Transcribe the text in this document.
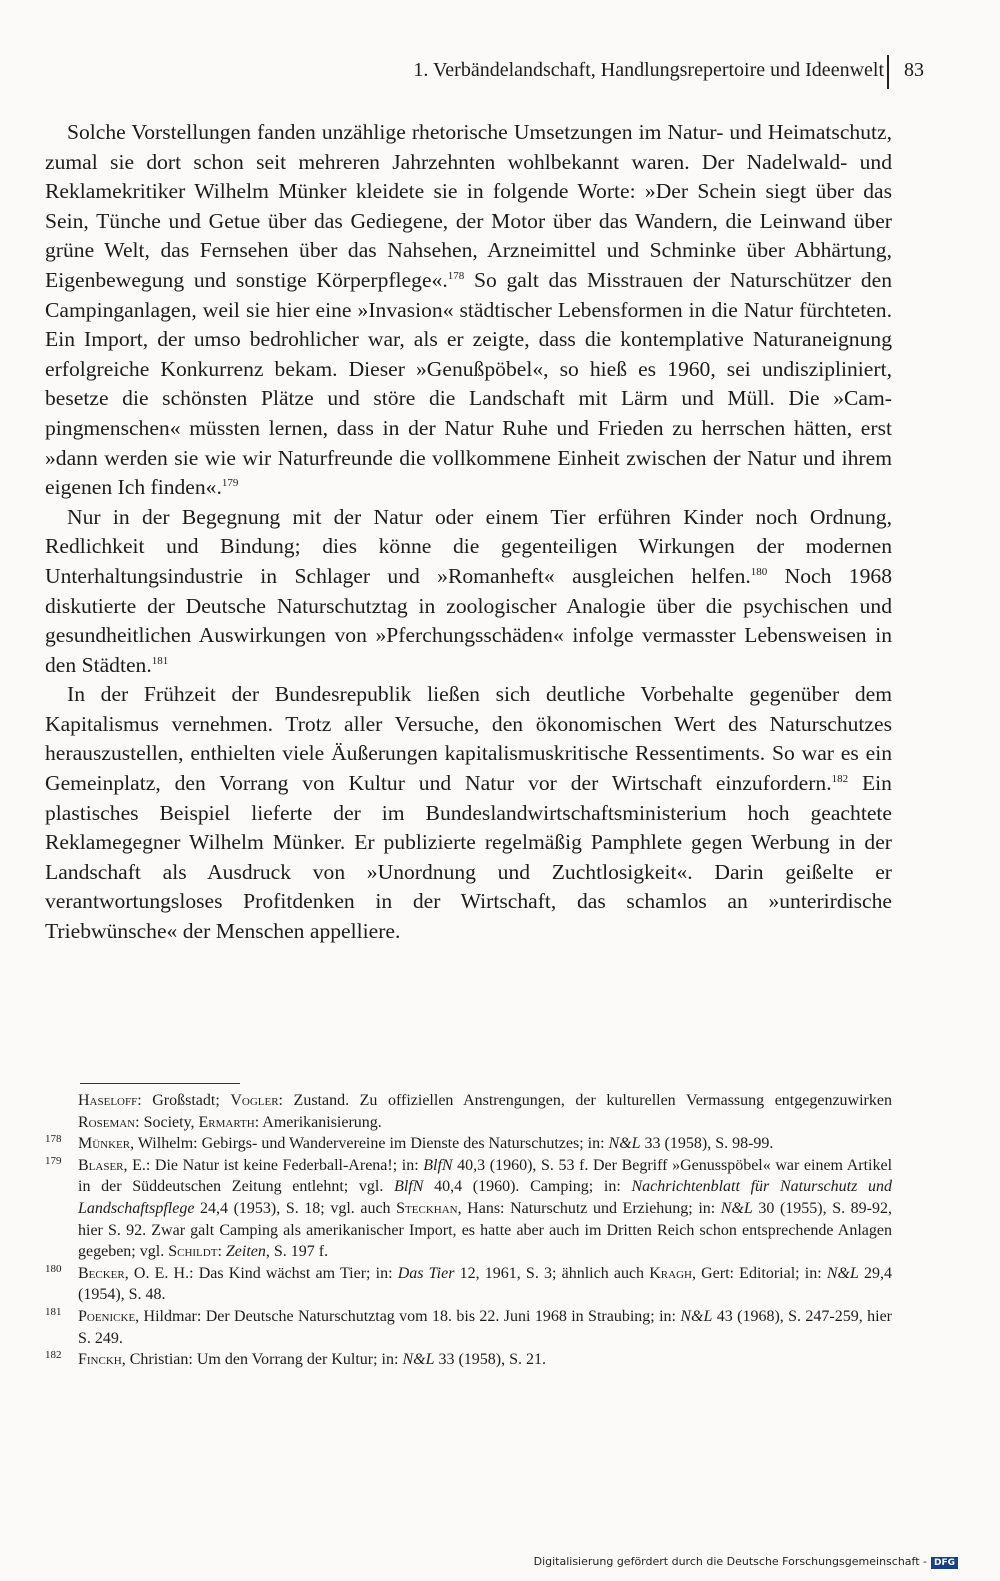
1. Verbändelandschaft, Handlungsrepertoire und Ideenwelt 83

Solche Vorstellungen fanden unzählige rhetorische Umsetzungen im Natur- und Heimatschutz, zumal sie dort schon seit mehreren Jahrzehnten wohlbekannt waren. Der Nadelwald- und Reklamekritiker Wilhelm Münker kleidete sie in folgende Worte: »Der Schein siegt über das Sein, Tünche und Getue über das Gediegene, der Motor über das Wandern, die Leinwand über grüne Welt, das Fernsehen über das Nahsehen, Arzneimittel und Schminke über Abhärtung, Eigenbewegung und sonstige Körperpflege«.$^{178}$ So galt das Misstrauen der Naturschützer den Campinganlagen, weil sie hier eine »Invasion« städtischer Lebensformen in die Natur fürchteten. Ein Import, der umso bedrohlicher war, als er zeigte, dass die kontemplative Naturaneignung erfolgreiche Konkurrenz bekam. Dieser »Genußpöbel«, so hieß es 1960, sei undiszipliniert, besetze die schönsten Plätze und störe die Landschaft mit Lärm und Müll. Die »Campingmenschen« müssten lernen, dass in der Natur Ruhe und Frieden zu herrschen hätten, erst »dann werden sie wie wir Naturfreunde die vollkommene Einheit zwischen der Natur und ihrem eigenen Ich finden«.$^{179}$

Nur in der Begegnung mit der Natur oder einem Tier erführen Kinder noch Ordnung, Redlichkeit und Bindung; dies könne die gegenteiligen Wirkungen der modernen Unterhaltungsindustrie in Schlager und »Romanheft« ausgleichen helfen.$^{180}$ Noch 1968 diskutierte der Deutsche Naturschutztag in zoologischer Analogie über die psychischen und gesundheitlichen Auswirkungen von »Pferchungsschäden« infolge vermasster Lebensweisen in den Städten.$^{181}$

In der Frühzeit der Bundesrepublik ließen sich deutliche Vorbehalte gegenüber dem Kapitalismus vernehmen. Trotz aller Versuche, den ökonomischen Wert des Naturschutzes herauszustellen, enthielten viele Äußerungen kapitalismuskritische Ressentiments. So war es ein Gemeinplatz, den Vorrang von Kultur und Natur vor der Wirtschaft einzufordern.$^{182}$ Ein plastisches Beispiel lieferte der im Bundeslandwirtschaftsministerium hoch geachtete Reklamegegner Wilhelm Münker. Er publizierte regelmäßig Pamphlete gegen Werbung in der Landschaft als Ausdruck von »Unordnung und Zuchtlosigkeit«. Darin geißelte er verantwortungsloses Profitdenken in der Wirtschaft, das schamlos an »unterirdische Triebwünsche« der Menschen appelliere.

Haseloff: Großstadt; Vogler: Zustand. Zu offiziellen Anstrengungen, der kulturellen Vermassung entgegenzuwirken Roseman: Society, Ermarth: Amerikanisierung.
178 Münker, Wilhelm: Gebirgs- und Wandervereine im Dienste des Naturschutzes; in: N&L 33 (1958), S. 98-99.
179 Blaser, E.: Die Natur ist keine Federball-Arena!; in: BlfN 40,3 (1960), S. 53 f. Der Begriff »Genusspöbel« war einem Artikel in der Süddeutschen Zeitung entlehnt; vgl. BlfN 40,4 (1960). Camping; in: Nachrichtenblatt für Naturschutz und Landschaftspflege 24,4 (1953), S. 18; vgl. auch Steckhan, Hans: Naturschutz und Erziehung; in: N&L 30 (1955), S. 89-92, hier S. 92. Zwar galt Camping als amerikanischer Import, es hatte aber auch im Dritten Reich schon entsprechende Anlagen gegeben; vgl. Schildt: Zeiten, S. 197 f.
180 Becker, O. E. H.: Das Kind wächst am Tier; in: Das Tier 12, 1961, S. 3; ähnlich auch Kragh, Gert: Editorial; in: N&L 29,4 (1954), S. 48.
181 Poenicke, Hildmar: Der Deutsche Naturschutztag vom 18. bis 22. Juni 1968 in Straubing; in: N&L 43 (1968), S. 247-259, hier S. 249.
182 Finckh, Christian: Um den Vorrang der Kultur; in: N&L 33 (1958), S. 21.
Digitalisierung gefördert durch die Deutsche Forschungsgemeinschaft - DFG
